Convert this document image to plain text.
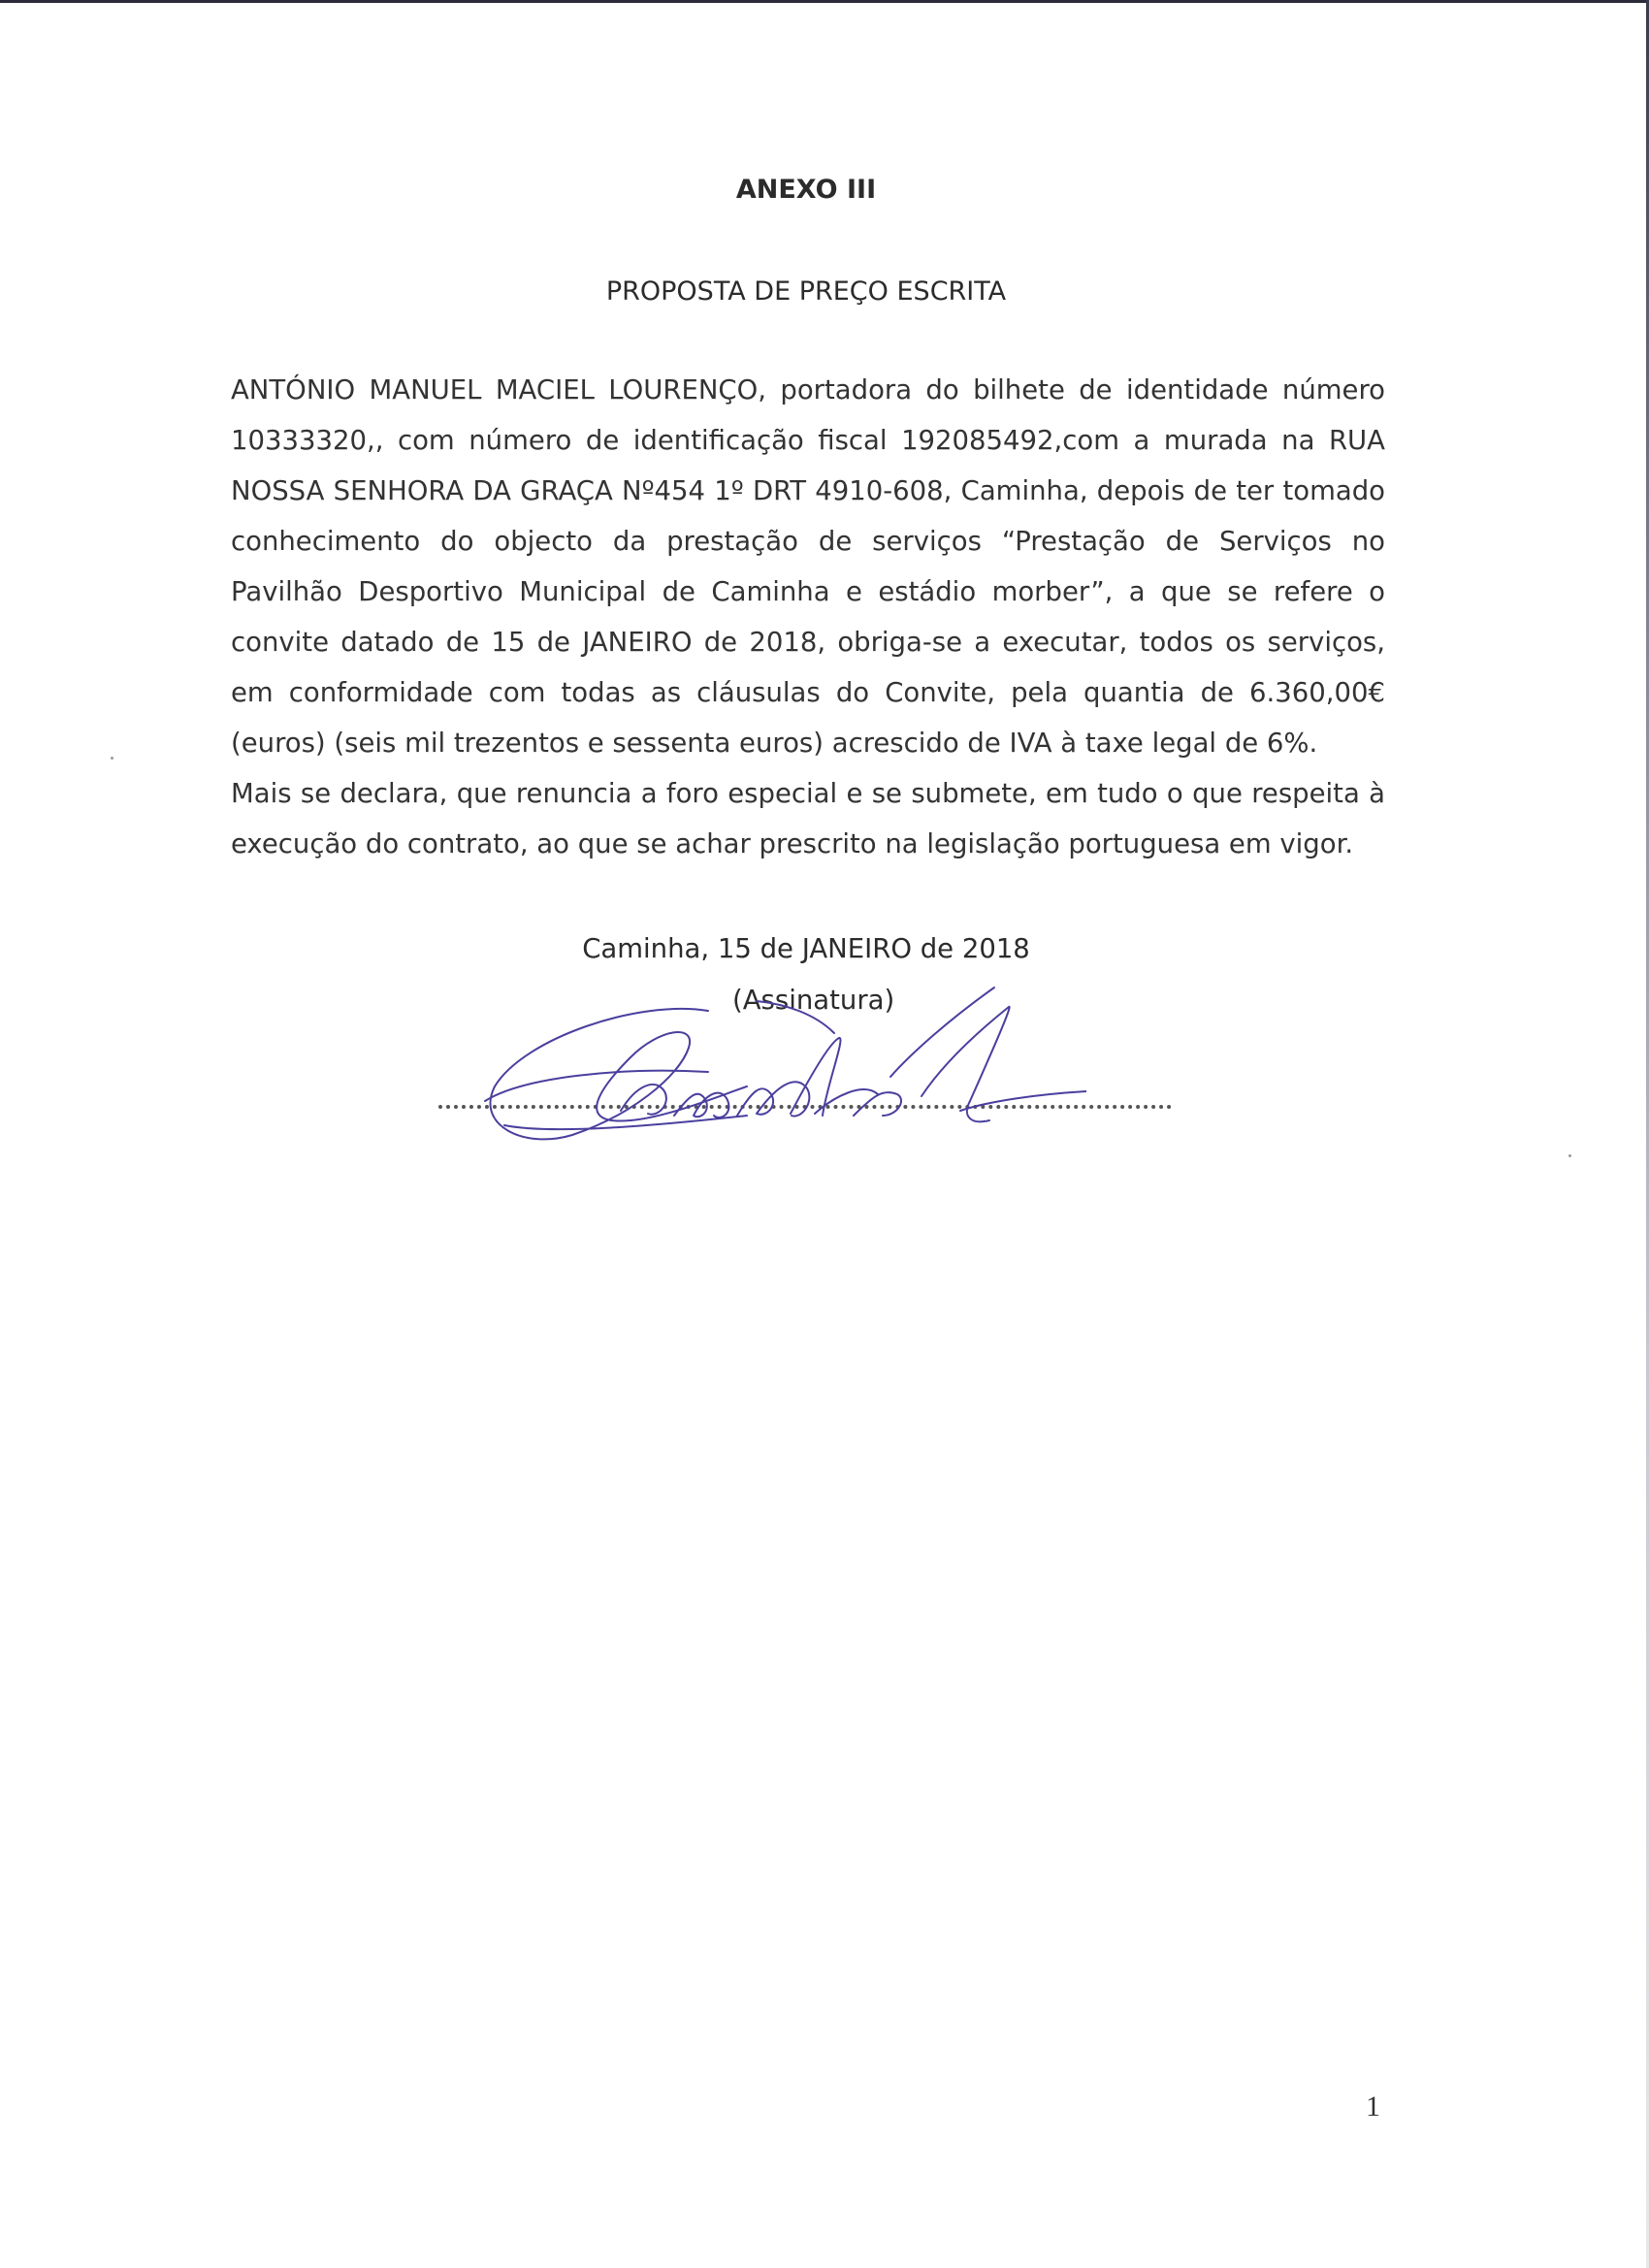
ANEXO III
PROPOSTA DE PREÇO ESCRITA
ANTÓNIO MANUEL MACIEL LOURENÇO, portadora do bilhete de identidade número 10333320,, com número de identificação fiscal 192085492,com a murada na RUA NOSSA SENHORA DA GRAÇA Nº454 1º DRT 4910-608, Caminha, depois de ter tomado conhecimento do objecto da prestação de serviços “Prestação de Serviços no Pavilhão Desportivo Municipal de Caminha e estádio morber”, a que se refere o convite datado de 15 de JANEIRO de 2018, obriga-se a executar, todos os serviços, em conformidade com todas as cláusulas do Convite, pela quantia de 6.360,00€ (euros) (seis mil trezentos e sessenta euros) acrescido de IVA à taxe legal de 6%.
Mais se declara, que renuncia a foro especial e se submete, em tudo o que respeita à execução do contrato, ao que se achar prescrito na legislação portuguesa em vigor.
Caminha, 15 de JANEIRO de 2018
(Assinatura)
1
